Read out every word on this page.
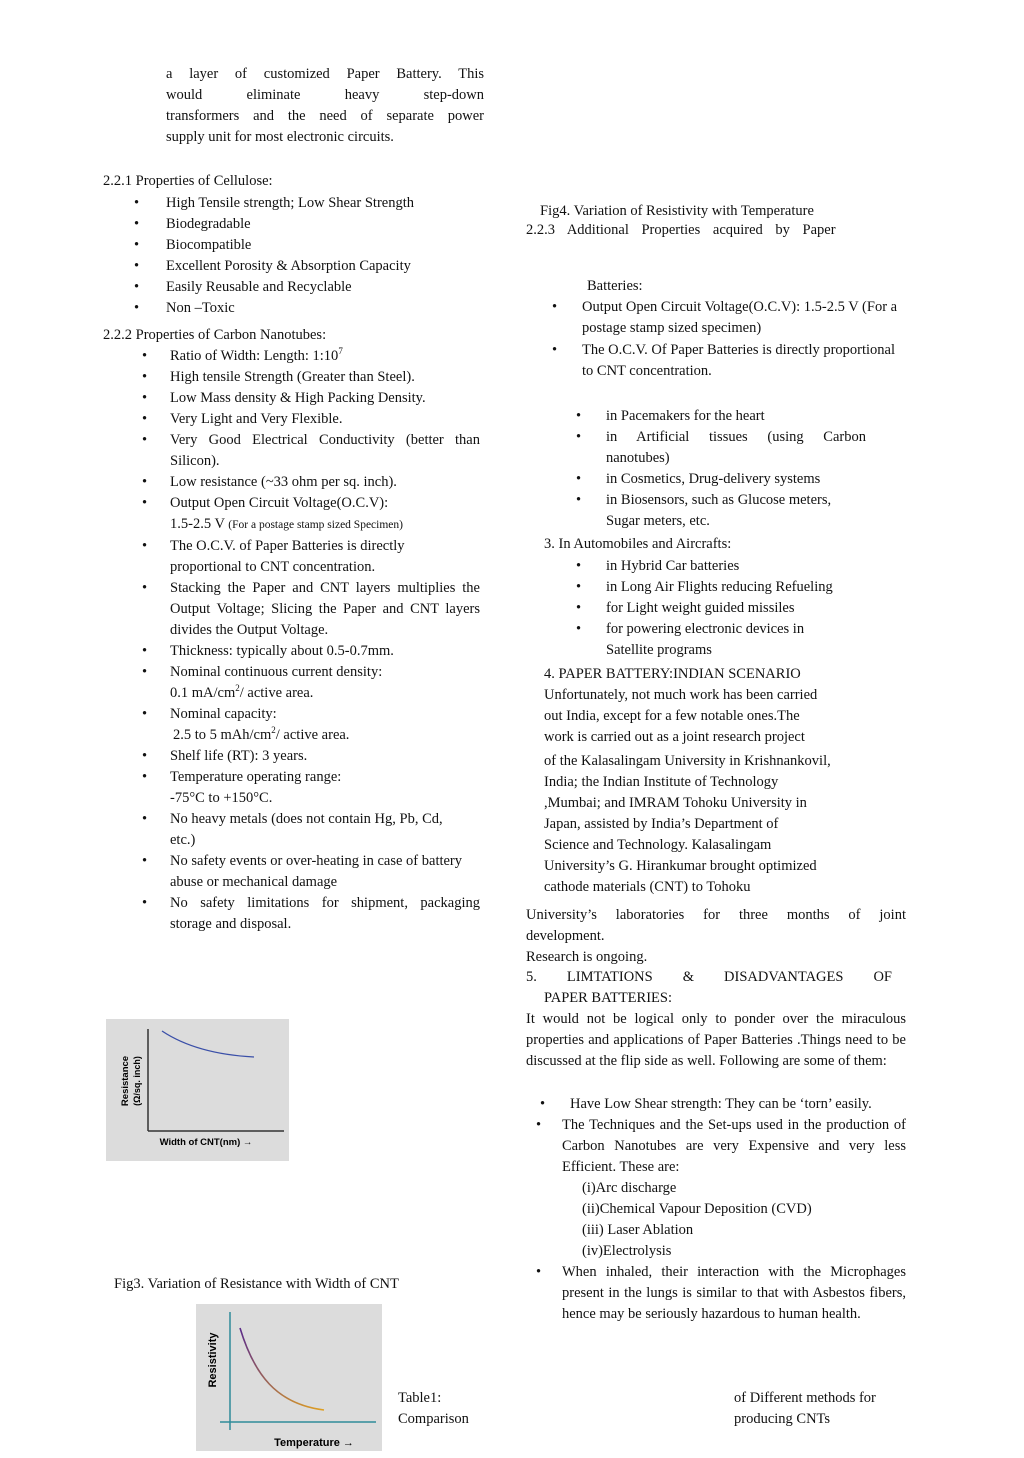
a layer of customized Paper Battery. This
would eliminate heavy step-down
transformers and the need of separate power
supply unit for most electronic circuits.
2.2.1 Properties of Cellulose:
• High Tensile strength; Low Shear Strength
• Biodegradable
• Biocompatible
• Excellent Porosity & Absorption Capacity
• Easily Reusable and Recyclable
• Non –Toxic
2.2.2 Properties of Carbon Nanotubes:
• Ratio of Width: Length: $1:10^7$
• High tensile Strength (Greater than Steel).
• Low Mass density & High Packing Density.
• Very Light and Very Flexible.
• Very Good Electrical Conductivity (better than Silicon).
• Low resistance (~33 ohm per sq. inch).
• Output Open Circuit Voltage(O.C.V):
1.5-2.5 V (For a postage stamp sized Specimen)
• The O.C.V. of Paper Batteries is directly proportional to CNT concentration.
• Stacking the Paper and CNT layers multiplies the Output Voltage; Slicing the Paper and CNT layers divides the Output Voltage.
• Thickness: typically about 0.5-0.7mm.
• Nominal continuous current density:
0.1 $mA/cm^2/$ active area.
• Nominal capacity:
2.5 to 5 mAh/$cm^2/$ active area.
• Shelf life (RT): 3 years.
• Temperature operating range:
-75°C to +150°C.
• No heavy metals (does not contain Hg, Pb, Cd, etc.)
• No safety events or over-heating in case of battery abuse or mechanical damage
• No safety limitations for shipment, packaging storage and disposal.
Resistance (Ω/sq. inch)
Width of CNT(nm) →
Fig3. Variation of Resistance with Width of CNT
Resistivity
Temperature →
Table1:
Comparison
Fig4. Variation of Resistivity with Temperature
2.2.3 Additional Properties acquired by Paper
Batteries:
• Output Open Circuit Voltage(O.C.V): 1.5-2.5 V (For a postage stamp sized specimen)
• The O.C.V. Of Paper Batteries is directly proportional to CNT concentration.
• in Pacemakers for the heart
• in Artificial tissues (using Carbon nanotubes)
• in Cosmetics, Drug-delivery systems
• in Biosensors, such as Glucose meters, Sugar meters, etc.
3. In Automobiles and Aircrafts:
• in Hybrid Car batteries
• in Long Air Flights reducing Refueling
• for Light weight guided missiles
• for powering electronic devices in Satellite programs
4. PAPER BATTERY:INDIAN SCENARIO
Unfortunately, not much work has been carried
out India, except for a few notable ones.The
work is carried out as a joint research project
of the Kalasalingam University in Krishnankovil,
India; the Indian Institute of Technology
,Mumbai; and IMRAM Tohoku University in
Japan, assisted by India’s Department of
Science and Technology. Kalasalingam
University’s G. Hirankumar brought optimized
cathode materials (CNT) to Tohoku
University’s laboratories for three months of joint
development.
Research is ongoing.
5. LIMTATIONS & DISADVANTAGES OF
PAPER BATTERIES:
It would not be logical only to ponder over the miraculous properties and applications of Paper Batteries .Things need to be discussed at the flip side as well. Following are some of them:
•	Have Low Shear strength: They can be ‘torn’ easily.
• The Techniques and the Set-ups used in the production of Carbon Nanotubes are very Expensive and very less Efficient. These are:
(i)Arc discharge
(ii)Chemical Vapour Deposition (CVD)
(iii) Laser Ablation
(iv)Electrolysis
• When inhaled, their interaction with the Microphages present in the lungs is similar to that with Asbestos fibers, hence may be seriously hazardous to human health.
of Different methods for
producing CNTs
